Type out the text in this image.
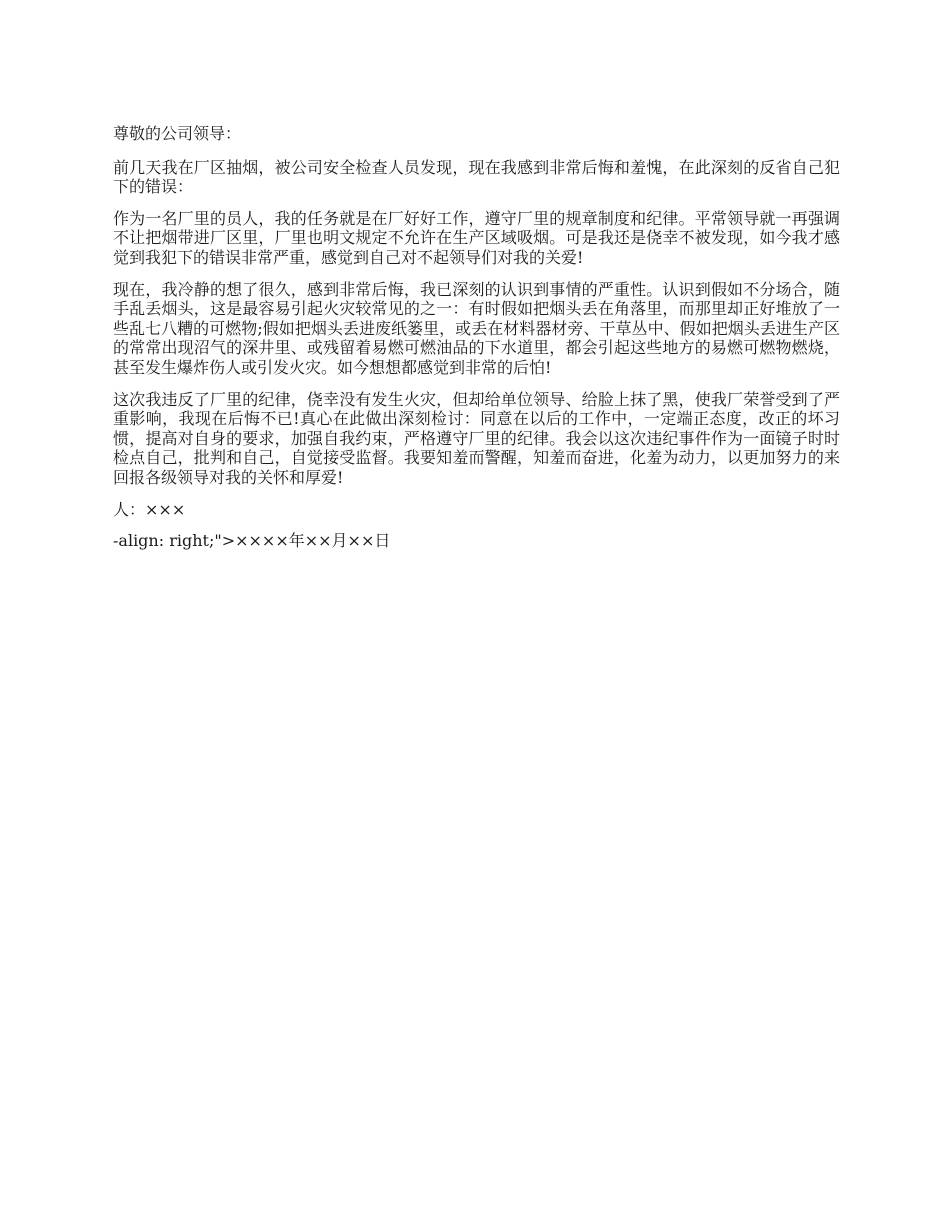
尊敬的公司领导：

前几天我在厂区抽烟，被公司安全检查人员发现，现在我感到非常后悔和羞愧，在此深刻的反省自己犯下的错误：

作为一名厂里的员人，我的任务就是在厂好好工作，遵守厂里的规章制度和纪律。平常领导就一再强调不让把烟带进厂区里，厂里也明文规定不允许在生产区域吸烟。可是我还是侥幸不被发现，如今我才感觉到我犯下的错误非常严重，感觉到自己对不起领导们对我的关爱!

现在，我冷静的想了很久，感到非常后悔，我已深刻的认识到事情的严重性。认识到假如不分场合，随手乱丢烟头，这是最容易引起火灾较常见的之一：有时假如把烟头丢在角落里，而那里却正好堆放了一些乱七八糟的可燃物;假如把烟头丢进废纸篓里，或丢在材料器材旁、干草丛中、假如把烟头丢进生产区的常常出现沼气的深井里、或残留着易燃可燃油品的下水道里，都会引起这些地方的易燃可燃物燃烧，甚至发生爆炸伤人或引发火灾。如今想想都感觉到非常的后怕!

这次我违反了厂里的纪律，侥幸没有发生火灾，但却给单位领导、给脸上抹了黑，使我厂荣誉受到了严重影响，我现在后悔不已!真心在此做出深刻检讨：同意在以后的工作中，一定端正态度，改正的坏习惯，提高对自身的要求，加强自我约束，严格遵守厂里的纪律。我会以这次违纪事件作为一面镜子时时检点自己，批判和自己，自觉接受监督。我要知羞而警醒，知羞而奋进，化羞为动力，以更加努力的来回报各级领导对我的关怀和厚爱!

人：×××

-align: right;">××××年××月××日
